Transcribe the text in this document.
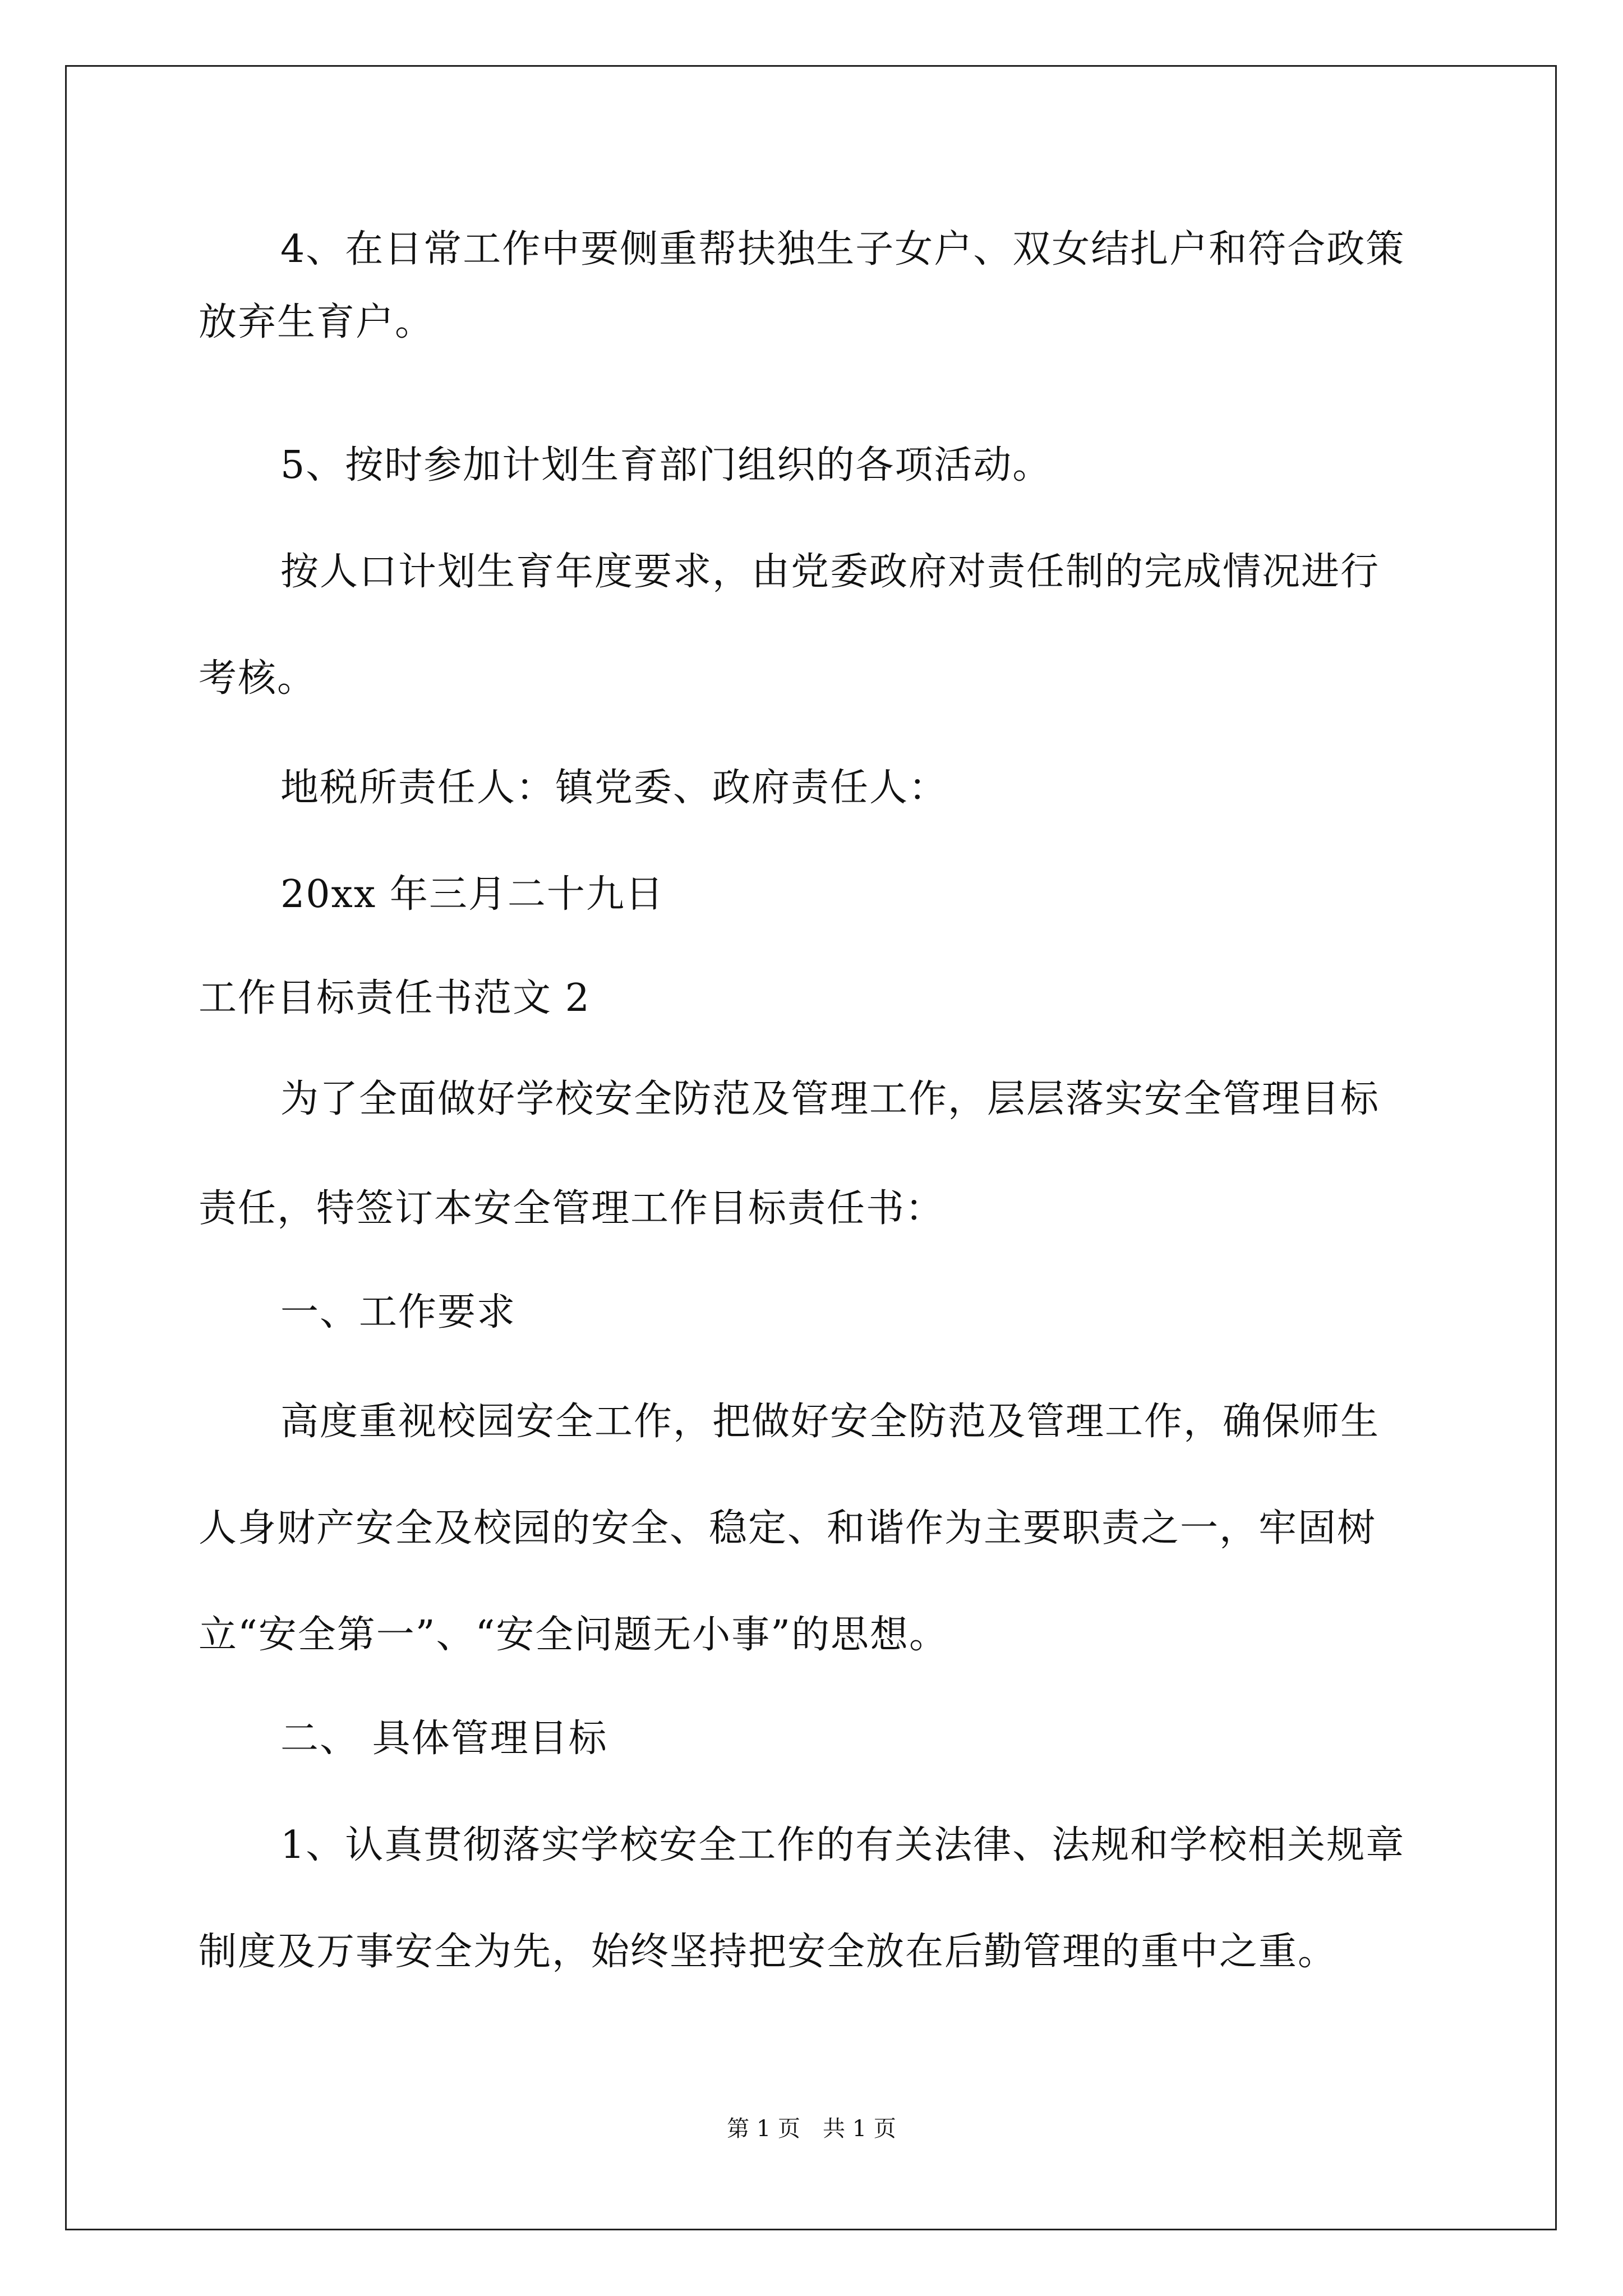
4、在日常工作中要侧重帮扶独生子女户、双女结扎户和符合政策
放弃生育户。
5、按时参加计划生育部门组织的各项活动。
按人口计划生育年度要求，由党委政府对责任制的完成情况进行
考核。
地税所责任人：镇党委、政府责任人：
20xx 年三月二十九日
工作目标责任书范文 2
为了全面做好学校安全防范及管理工作，层层落实安全管理目标
责任，特签订本安全管理工作目标责任书：
一、工作要求
高度重视校园安全工作，把做好安全防范及管理工作，确保师生
人身财产安全及校园的安全、稳定、和谐作为主要职责之一，牢固树
立“安全第一”、“安全问题无小事”的思想。
二、 具体管理目标
1、认真贯彻落实学校安全工作的有关法律、法规和学校相关规章
制度及万事安全为先，始终坚持把安全放在后勤管理的重中之重。
第 1 页　共 1 页
